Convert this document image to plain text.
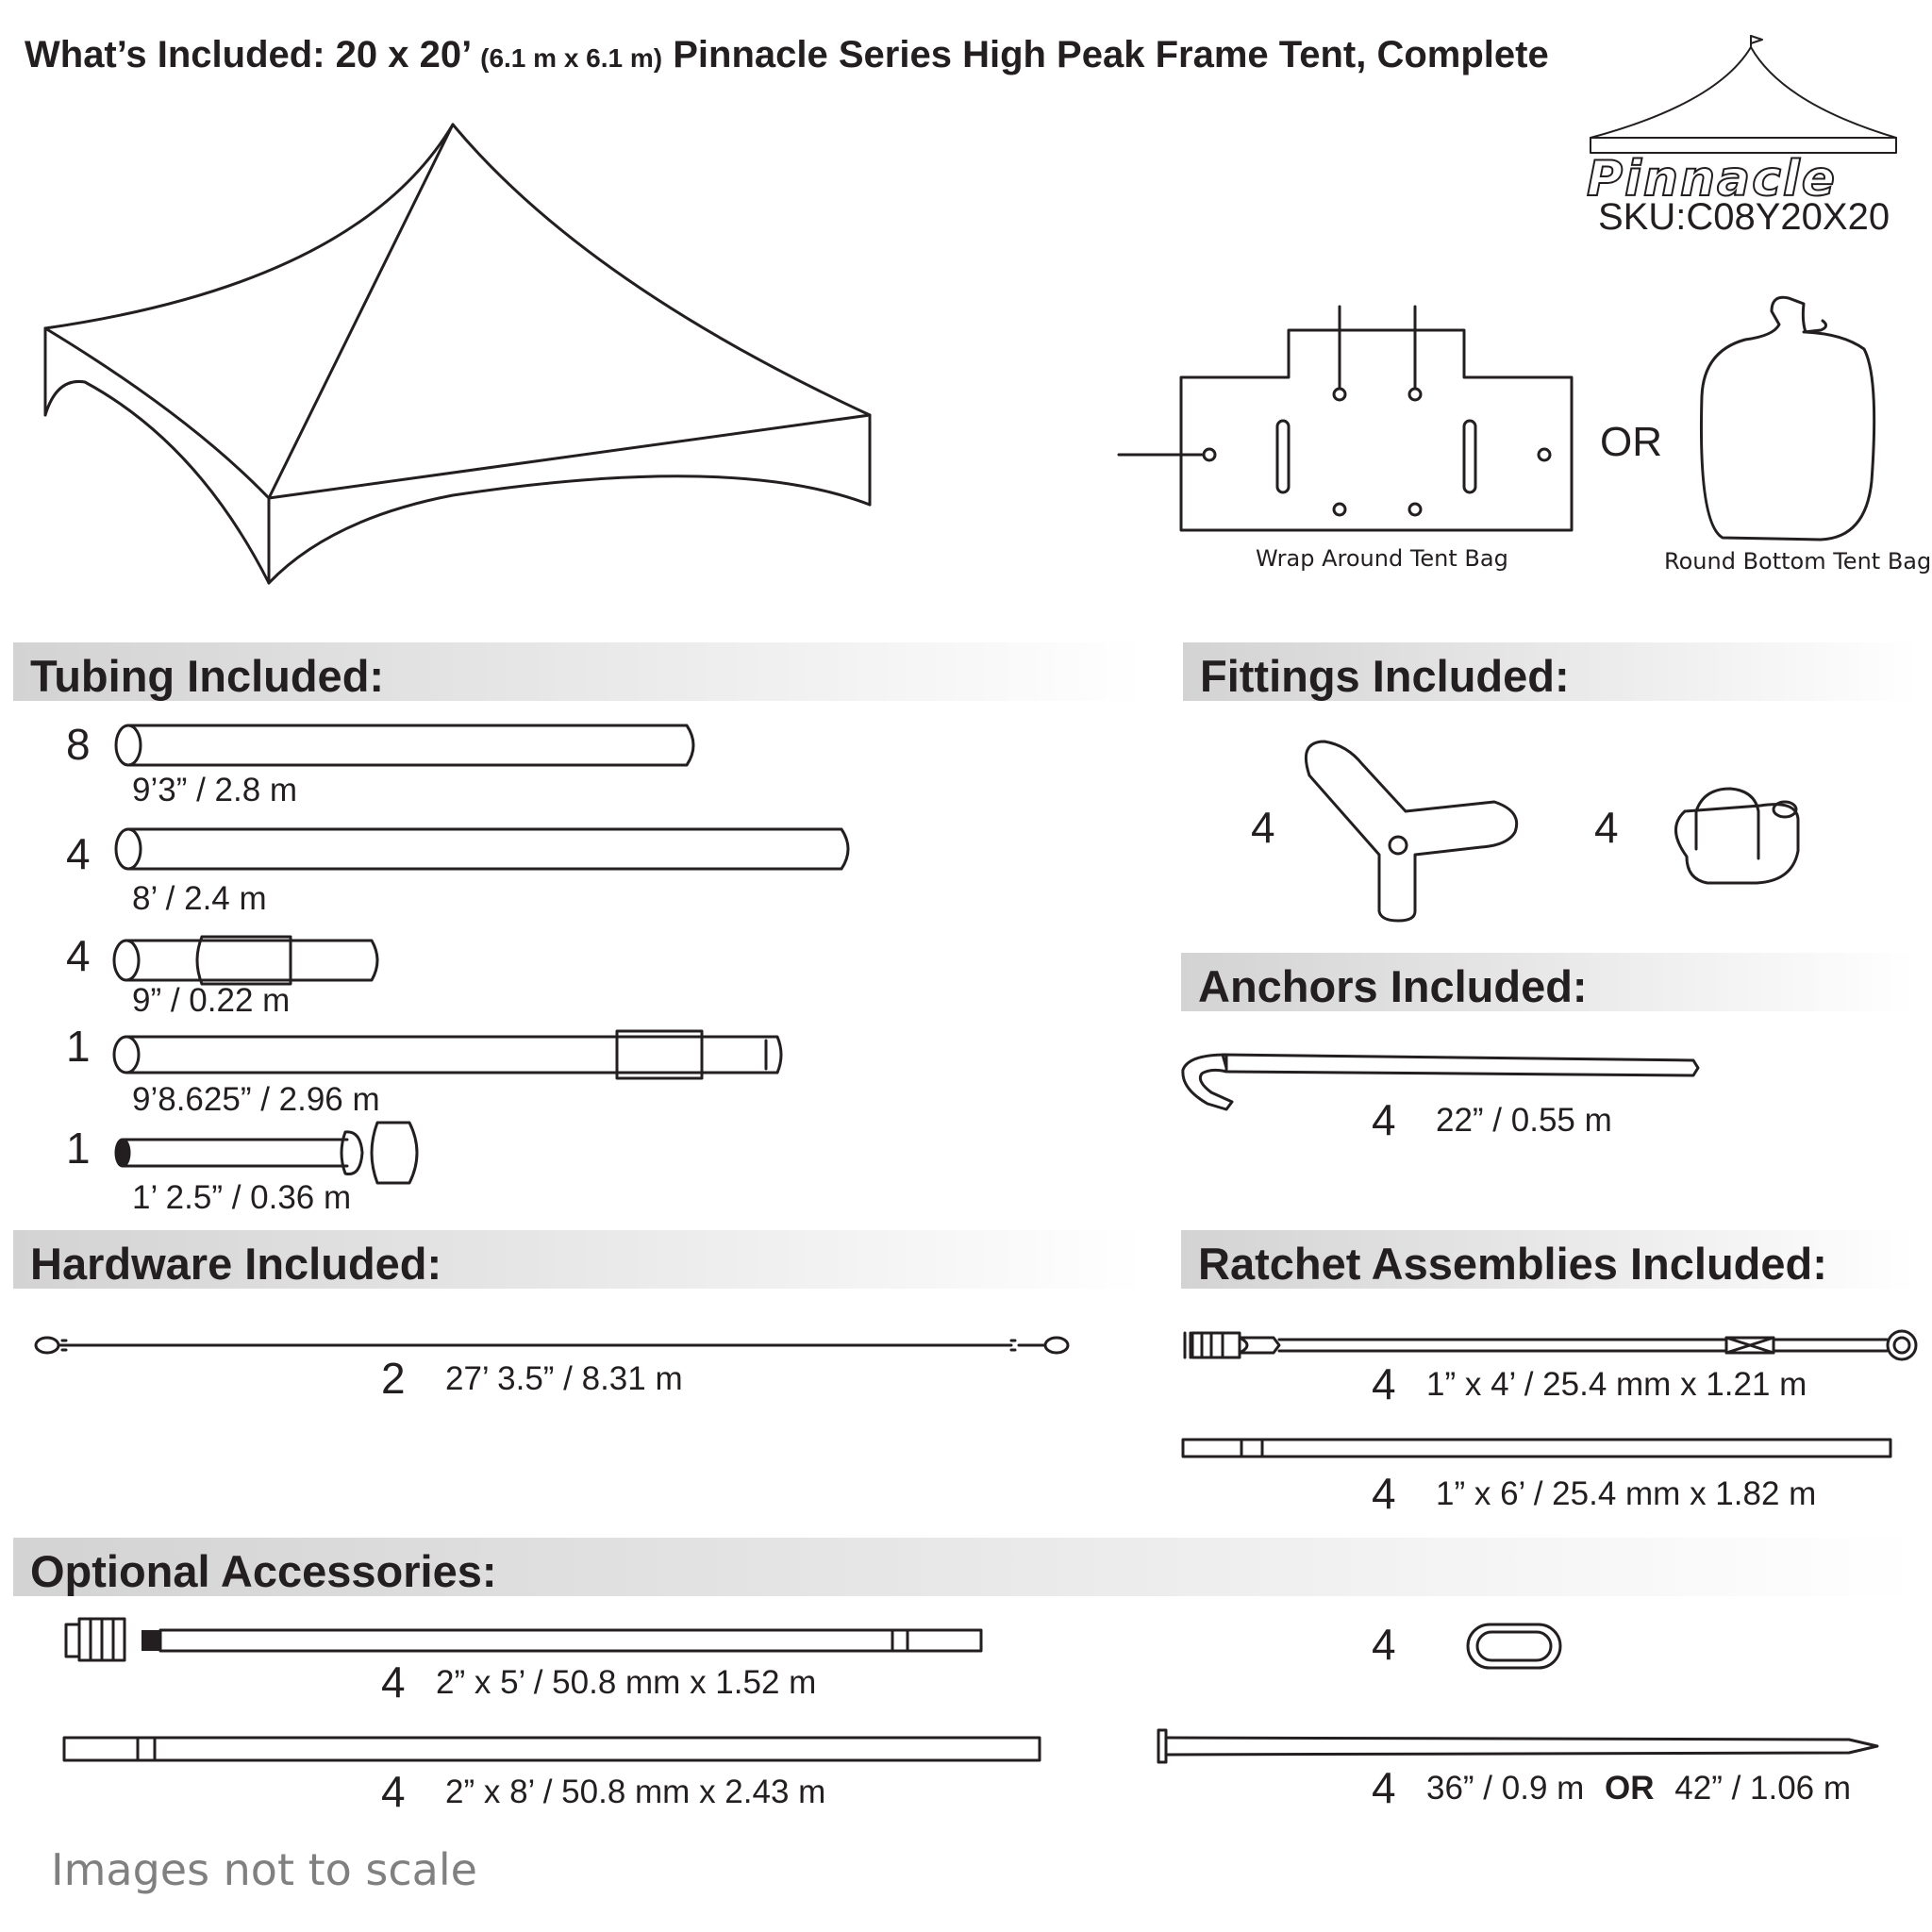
What’s Included: 20 x 20’ (6.1 m x 6.1 m) Pinnacle Series High Peak Frame Tent, Complete
Tubing Included:	Fittings Included:
Anchors Included:
Hardware Included:	Ratchet Assemblies Included:
Optional Accessories:
Pinnacle
SKU:C08Y20X20
Wrap Around Tent Bag
OR
Round Bottom Tent Bag
8
9’3” / 2.8 m
4
8’ / 2.4 m
4
9” / 0.22 m
1
9’8.625” / 2.96 m
1
1’ 2.5” / 0.36 m
4	4
4 22” / 0.55 m
2 27’ 3.5” / 8.31 m	4 1” x 4’ / 25.4 mm x 1.21 m
4 1” x 6’ / 25.4 mm x 1.82 m
4 2” x 5’ / 50.8 mm x 1.52 m
4 2” x 8’ / 50.8 mm x 2.43 m
4
4 36” / 0.9 m OR 42” / 1.06 m
Images not to scale
